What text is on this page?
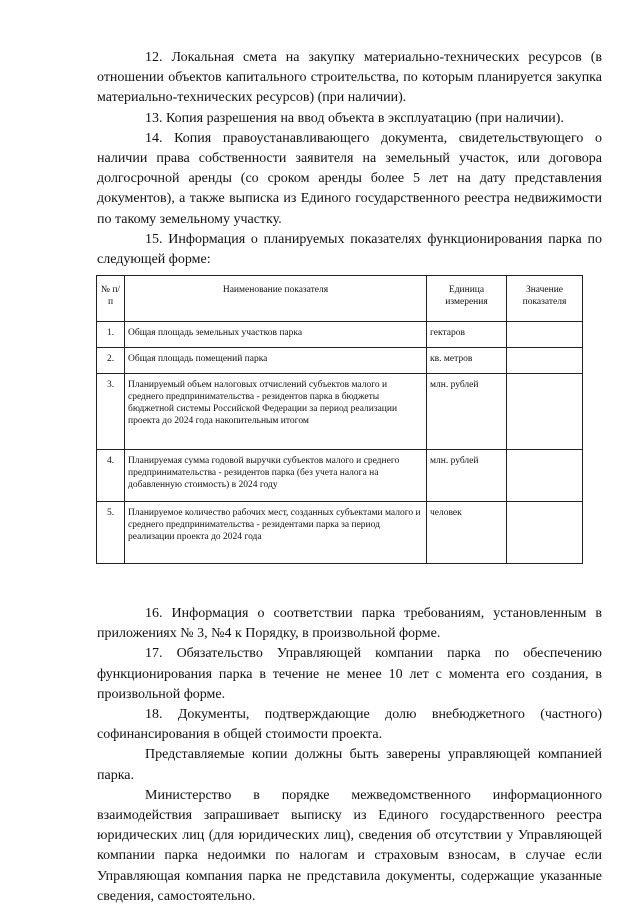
12. Локальная смета на закупку материально-технических ресурсов (в отношении объектов капитального строительства, по которым планируется закупка материально-технических ресурсов) (при наличии).

13. Копия разрешения на ввод объекта в эксплуатацию (при наличии).

14. Копия правоустанавливающего документа, свидетельствующего о наличии права собственности заявителя на земельный участок, или договора долгосрочной аренды (со сроком аренды более 5 лет на дату представления документов), а также выписка из Единого государственного реестра недвижимости по такому земельному участку.

15. Информация о планируемых показателях функционирования парка по следующей форме:

№ п/п	Наименование показателя	Единица измерения	Значение показателя
1.	Общая площадь земельных участков парка	гектаров	
2.	Общая площадь помещений парка	кв. метров	
3.	Планируемый объем налоговых отчислений субъектов малого и среднего предпринимательства - резидентов парка в бюджеты бюджетной системы Российской Федерации за период реализации проекта до 2024 года накопительным итогом	млн. рублей	
4.	Планируемая сумма годовой выручки субъектов малого и среднего предпринимательства - резидентов парка (без учета налога на добавленную стоимость) в 2024 году	млн. рублей	
5.	Планируемое количество рабочих мест, созданных субъектами малого и среднего предпринимательства - резидентами парка за период реализации проекта до 2024 года	человек	

16. Информация о соответствии парка требованиям, установленным в приложениях № 3, №4 к Порядку, в произвольной форме.

17. Обязательство Управляющей компании парка по обеспечению функционирования парка в течение не менее 10 лет с момента его создания, в произвольной форме.

18. Документы, подтверждающие долю внебюджетного (частного) софинансирования в общей стоимости проекта.

Представляемые копии должны быть заверены управляющей компанией парка.

Министерство в порядке межведомственного информационного взаимодействия запрашивает выписку из Единого государственного реестра юридических лиц (для юридических лиц), сведения об отсутствии у Управляющей компании парка недоимки по налогам и страховым взносам, в случае если Управляющая компания парка не представила документы, содержащие указанные сведения, самостоятельно.
